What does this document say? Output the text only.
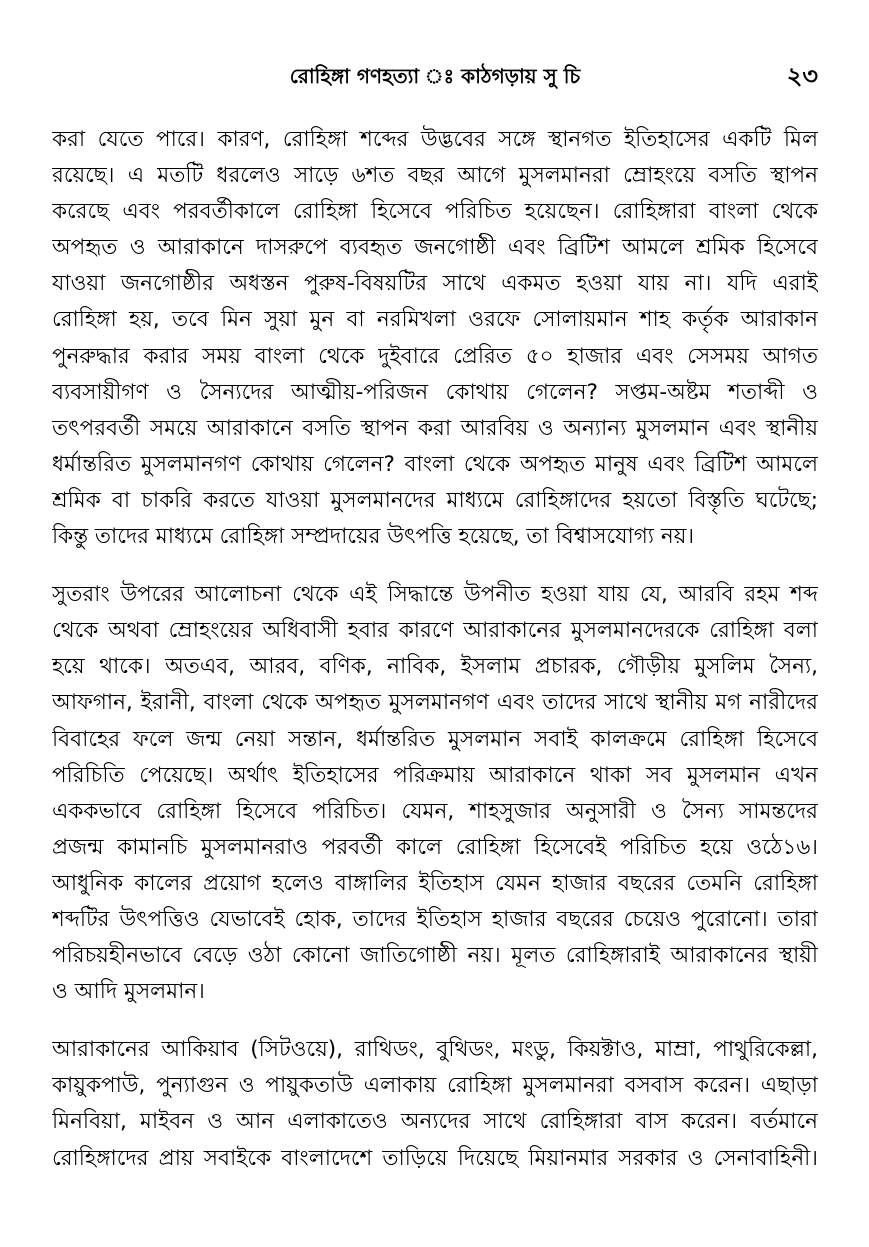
রোহিঙ্গা গণহত্যা ঃ কাঠগড়ায় সু চি	২৩

করা যেতে পারে। কারণ, রোহিঙ্গা শব্দের উদ্ভবের সঙ্গে স্থানগত ইতিহাসের একটি মিল
রয়েছে। এ মতটি ধরলেও সাড়ে ৬শত বছর আগে মুসলমানরা ম্রোহংয়ে বসতি স্থাপন
করেছে এবং পরবর্তীকালে রোহিঙ্গা হিসেবে পরিচিত হয়েছেন। রোহিঙ্গারা বাংলা থেকে
অপহৃত ও আরাকানে দাসরুপে ব্যবহৃত জনগোষ্ঠী এবং ব্রিটিশ আমলে শ্রমিক হিসেবে
যাওয়া জনগোষ্ঠীর অধস্তন পুরুষ-বিষয়টির সাথে একমত হওয়া যায় না। যদি এরাই
রোহিঙ্গা হয়, তবে মিন সুয়া মুন বা নরমিখলা ওরফে সোলায়মান শাহ কর্তৃক আরাকান
পুনরুদ্ধার করার সময় বাংলা থেকে দুইবারে প্রেরিত ৫০ হাজার এবং সেসময় আগত
ব্যবসায়ীগণ ও সৈন্যদের আত্মীয়-পরিজন কোথায় গেলেন? সপ্তম-অষ্টম শতাব্দী ও
তৎপরবর্তী সময়ে আরাকানে বসতি স্থাপন করা আরবিয় ও অন্যান্য মুসলমান এবং স্থানীয়
ধর্মান্তরিত মুসলমানগণ কোথায় গেলেন? বাংলা থেকে অপহৃত মানুষ এবং ব্রিটিশ আমলে
শ্রমিক বা চাকরি করতে যাওয়া মুসলমানদের মাধ্যমে রোহিঙ্গাদের হয়তো বিস্তৃতি ঘটেছে;
কিন্তু তাদের মাধ্যমে রোহিঙ্গা সম্প্রদায়ের উৎপত্তি হয়েছে, তা বিশ্বাসযোগ্য নয়।

সুতরাং উপরের আলোচনা থেকে এই সিদ্ধান্তে উপনীত হওয়া যায় যে, আরবি রহম শব্দ
থেকে অথবা ম্রোহংয়ের অধিবাসী হবার কারণে আরাকানের মুসলমানদেরকে রোহিঙ্গা বলা
হয়ে থাকে। অতএব, আরব, বণিক, নাবিক, ইসলাম প্রচারক, গৌড়ীয় মুসলিম সৈন্য,
আফগান, ইরানী, বাংলা থেকে অপহৃত মুসলমানগণ এবং তাদের সাথে স্থানীয় মগ নারীদের
বিবাহের ফলে জন্ম নেয়া সন্তান, ধর্মান্তরিত মুসলমান সবাই কালক্রমে রোহিঙ্গা হিসেবে
পরিচিতি পেয়েছে। অর্থাৎ ইতিহাসের পরিক্রমায় আরাকানে থাকা সব মুসলমান এখন
এককভাবে রোহিঙ্গা হিসেবে পরিচিত। যেমন, শাহসুজার অনুসারী ও সৈন্য সামন্তদের
প্রজন্ম কামানচি মুসলমানরাও পরবর্তী কালে রোহিঙ্গা হিসেবেই পরিচিত হয়ে ওঠে১৬।
আধুনিক কালের প্রয়োগ হলেও বাঙ্গালির ইতিহাস যেমন হাজার বছরের তেমনি রোহিঙ্গা
শব্দটির উৎপত্তিও যেভাবেই হোক, তাদের ইতিহাস হাজার বছরের চেয়েও পুরোনো। তারা
পরিচয়হীনভাবে বেড়ে ওঠা কোনো জাতিগোষ্ঠী নয়। মূলত রোহিঙ্গারাই আরাকানের স্থায়ী
ও আদি মুসলমান।

আরাকানের আকিয়াব (সিটওয়ে), রাথিডং, বুথিডং, মংডু, কিয়ক্টাও, মাম্রা, পাথুরিকেল্লা,
কায়ুকপাউ, পুন্যাগুন ও পায়ুকতাউ এলাকায় রোহিঙ্গা মুসলমানরা বসবাস করেন। এছাড়া
মিনবিয়া, মাইবন ও আন এলাকাতেও অন্যদের সাথে রোহিঙ্গারা বাস করেন। বর্তমানে
রোহিঙ্গাদের প্রায় সবাইকে বাংলাদেশে তাড়িয়ে দিয়েছে মিয়ানমার সরকার ও সেনাবাহিনী।
